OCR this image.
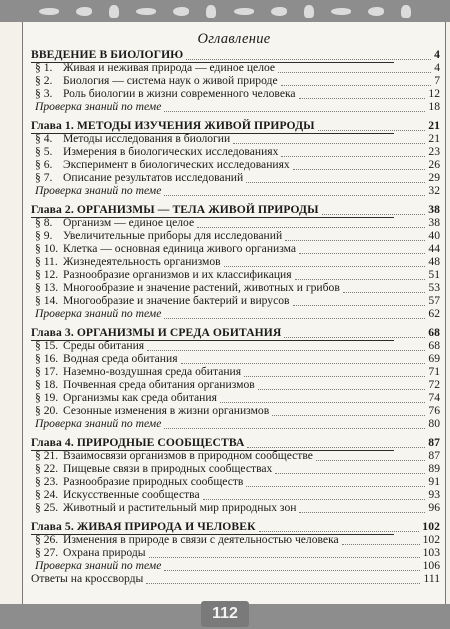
Оглавление
ВВЕДЕНИЕ В БИОЛОГИЮ	4
§ 1. Живая и неживая природа — единое целое	4
§ 2. Биология — система наук о живой природе	7
§ 3. Роль биологии в жизни современного человека	12
Проверка знаний по теме	18
Глава 1. МЕТОДЫ ИЗУЧЕНИЯ ЖИВОЙ ПРИРОДЫ	21
§ 4. Методы исследования в биологии	21
§ 5. Измерения в биологических исследованиях	23
§ 6. Эксперимент в биологических исследованиях	26
§ 7. Описание результатов исследований	29
Проверка знаний по теме	32
Глава 2. ОРГАНИЗМЫ — ТЕЛА ЖИВОЙ ПРИРОДЫ	38
§ 8. Организм — единое целое	38
§ 9. Увеличительные приборы для исследований	40
§ 10. Клетка — основная единица живого организма	44
§ 11. Жизнедеятельность организмов	48
§ 12. Разнообразие организмов и их классификация	51
§ 13. Многообразие и значение растений, животных и грибов	53
§ 14. Многообразие и значение бактерий и вирусов	57
Проверка знаний по теме	62
Глава 3. ОРГАНИЗМЫ И СРЕДА ОБИТАНИЯ	68
§ 15. Среды обитания	68
§ 16. Водная среда обитания	69
§ 17. Наземно-воздушная среда обитания	71
§ 18. Почвенная среда обитания организмов	72
§ 19. Организмы как среда обитания	74
§ 20. Сезонные изменения в жизни организмов	76
Проверка знаний по теме	80
Глава 4. ПРИРОДНЫЕ СООБЩЕСТВА	87
§ 21. Взаимосвязи организмов в природном сообществе	87
§ 22. Пищевые связи в природных сообществах	89
§ 23. Разнообразие природных сообществ	91
§ 24. Искусственные сообщества	93
§ 25. Животный и растительный мир природных зон	96
Глава 5. ЖИВАЯ ПРИРОДА И ЧЕЛОВЕК	102
§ 26. Изменения в природе в связи с деятельностью человека	102
§ 27. Охрана природы	103
Проверка знаний по теме	106
Ответы на кроссворды	111
112
